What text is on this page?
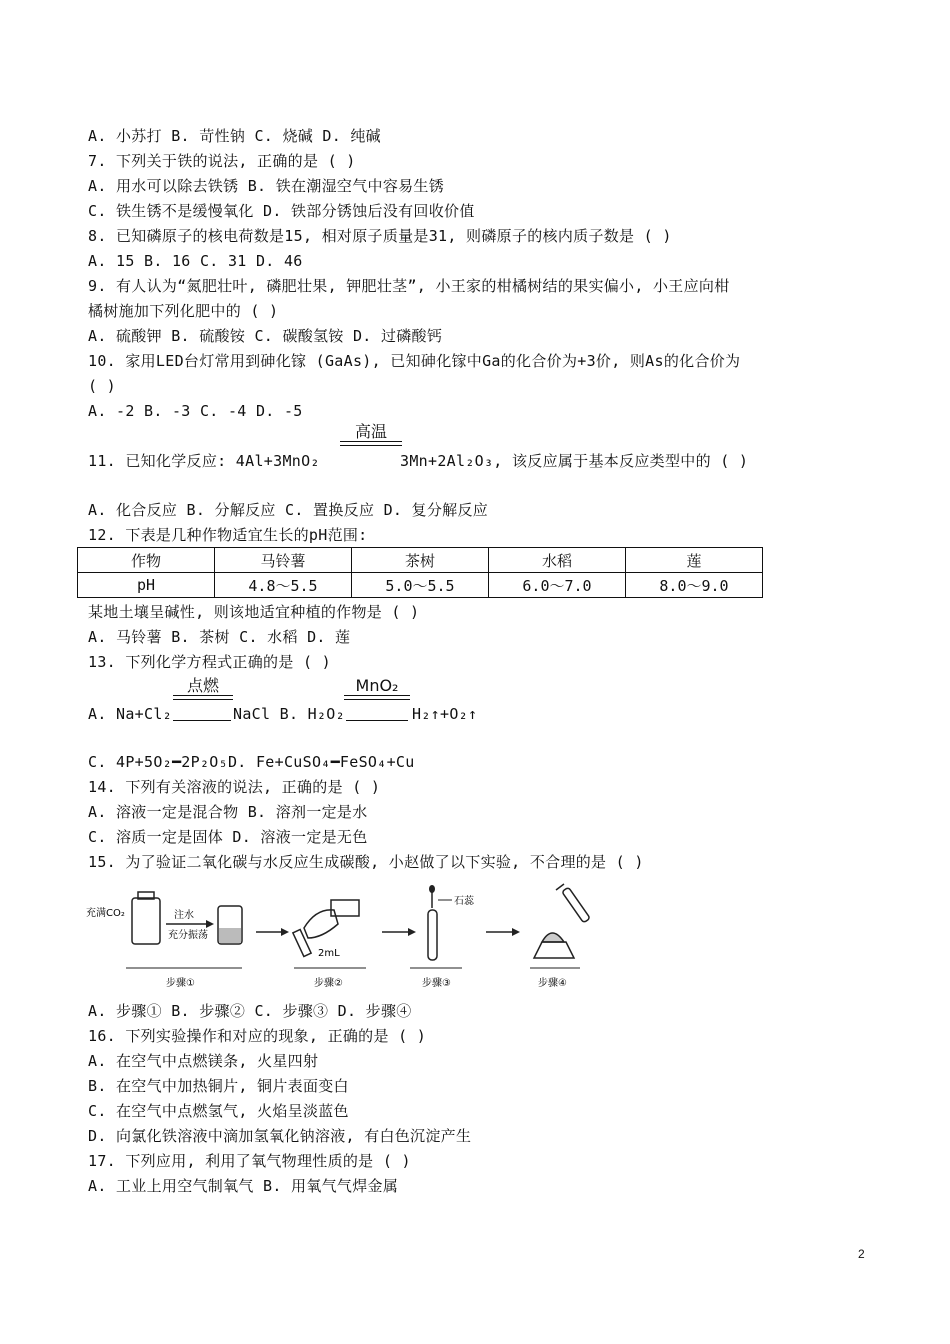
A. 小苏打 B. 苛性钠 C. 烧碱 D. 纯碱
7. 下列关于铁的说法, 正确的是 ( )
A. 用水可以除去铁锈 B. 铁在潮湿空气中容易生锈
C. 铁生锈不是缓慢氧化 D. 铁部分锈蚀后没有回收价值
8. 已知磷原子的核电荷数是15, 相对原子质量是31, 则磷原子的核内质子数是 ( )
A. 15 B. 16 C. 31 D. 46
9. 有人认为“氮肥壮叶, 磷肥壮果, 钾肥壮茎”, 小王家的柑橘树结的果实偏小, 小王应向柑
橘树施加下列化肥中的 ( )
A. 硫酸钾 B. 硫酸铵 C. 碳酸氢铵 D. 过磷酸钙
10. 家用LED台灯常用到砷化镓 (GaAs), 已知砷化镓中Ga的化合价为+3价, 则As的化合价为
( )
A. -2 B. -3 C. -4 D. -5
高温
11. 已知化学反应: 4Al+3MnO₂	3Mn+2Al₂O₃, 该反应属于基本反应类型中的 ( )
A. 化合反应 B. 分解反应 C. 置换反应 D. 复分解反应
12. 下表是几种作物适宜生长的pH范围:
作物	马铃薯	茶树	水稻	莲
pH	4.8～5.5	5.0～5.5	6.0～7.0	8.0～9.0
某地土壤呈碱性, 则该地适宜种植的作物是 ( )
A. 马铃薯 B. 茶树 C. 水稻 D. 莲
13. 下列化学方程式正确的是 ( )
点燃	MnO₂
A. Na+Cl₂	NaCl B. H₂O₂	H₂↑+O₂↑
C. 4P+5O₂━2P₂O₅D. Fe+CuSO₄━FeSO₄+Cu
14. 下列有关溶液的说法, 正确的是 ( )
A. 溶液一定是混合物 B. 溶剂一定是水
C. 溶质一定是固体 D. 溶液一定是无色
15. 为了验证二氧化碳与水反应生成碳酸, 小赵做了以下实验, 不合理的是 ( )
充满CO₂	注水
充分振荡
步骤①
2mL
步骤②
石蕊
步骤③	步骤④
A. 步骤① B. 步骤② C. 步骤③ D. 步骤④
16. 下列实验操作和对应的现象, 正确的是 ( )
A. 在空气中点燃镁条, 火星四射
B. 在空气中加热铜片, 铜片表面变白
C. 在空气中点燃氢气, 火焰呈淡蓝色
D. 向氯化铁溶液中滴加氢氧化钠溶液, 有白色沉淀产生
17. 下列应用, 利用了氧气物理性质的是 ( )
A. 工业上用空气制氧气 B. 用氧气气焊金属
2
